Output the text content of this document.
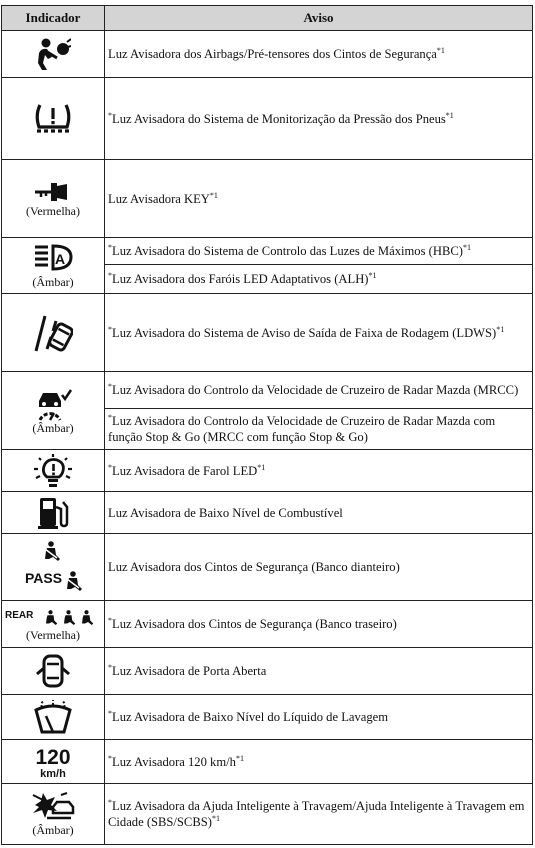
Indicador	Aviso

	Luz Avisadora dos Airbags/Pré-tensores dos Cintos de Segurança$^{*1}$

	*Luz Avisadora do Sistema de Monitorização da Pressão dos Pneus$^{*1}$

(Vermelha)	Luz Avisadora KEY$^{*1}$

A
(Âmbar)	*Luz Avisadora do Sistema de Controlo das Luzes de Máximos (HBC)$^{*1}$
	*Luz Avisadora dos Faróis LED Adaptativos (ALH)$^{*1}$

	*Luz Avisadora do Sistema de Aviso de Saída de Faixa de Rodagem (LDWS)$^{*1}$

(Âmbar)	*Luz Avisadora do Controlo da Velocidade de Cruzeiro de Radar Mazda (MRCC)
	*Luz Avisadora do Controlo da Velocidade de Cruzeiro de Radar Mazda com função Stop & Go (MRCC com função Stop & Go)

	*Luz Avisadora de Farol LED$^{*1}$

	Luz Avisadora de Baixo Nível de Combustível

PASS	Luz Avisadora dos Cintos de Segurança (Banco dianteiro)

REAR
(Vermelha)	*Luz Avisadora dos Cintos de Segurança (Banco traseiro)

	*Luz Avisadora de Porta Aberta

	*Luz Avisadora de Baixo Nível do Líquido de Lavagem

120
km/h	*Luz Avisadora 120 $km/h^{*1}$

(Âmbar)	*Luz Avisadora da Ajuda Inteligente à Travagem/Ajuda Inteligente à Travagem em Cidade (SBS/SCBS)$^{*1}$
